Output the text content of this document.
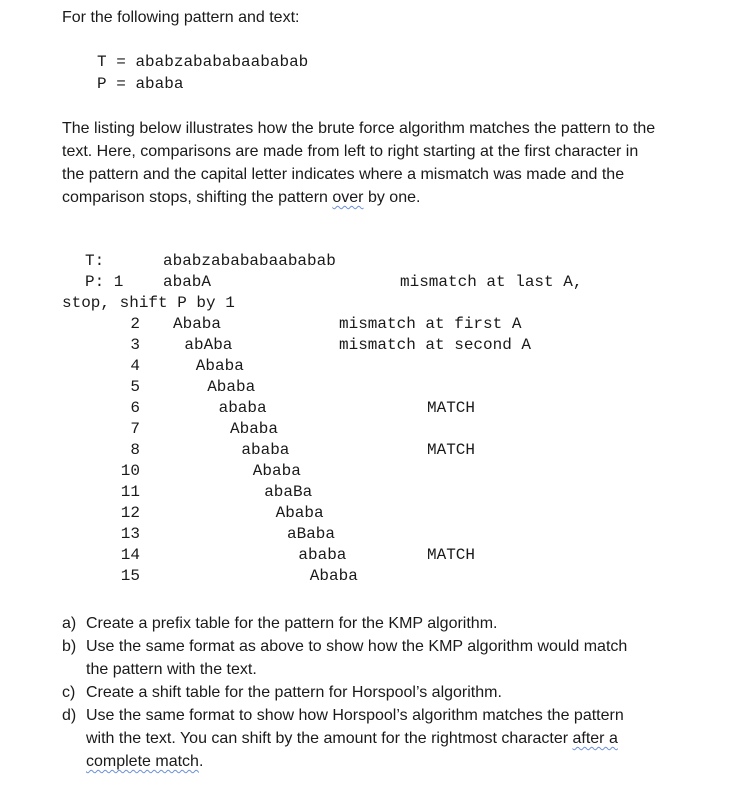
For the following pattern and text:
T = ababzabababaababab
P = ababa
The listing below illustrates how the brute force algorithm matches the pattern to the text. Here, comparisons are made from left to right starting at the first character in the pattern and the capital letter indicates where a mismatch was made and the comparison stops, shifting the pattern over by one.
T:	ababzabababaababab
P: 1 ababA	mismatch at last A,
stop, shift P by 1
2 Ababa	mismatch at first A
3	abAba	mismatch at second A
4	Ababa
5	Ababa
6	ababa	MATCH
7	Ababa
8	ababa	MATCH
10	Ababa
11	abaBa
12	Ababa
13	aBaba
14	ababa	MATCH
15	Ababa
a) Create a prefix table for the pattern for the KMP algorithm.
b) Use the same format as above to show how the KMP algorithm would match the pattern with the text.
c) Create a shift table for the pattern for Horspool’s algorithm.
d) Use the same format to show how Horspool’s algorithm matches the pattern with the text. You can shift by the amount for the rightmost character after a complete match.
